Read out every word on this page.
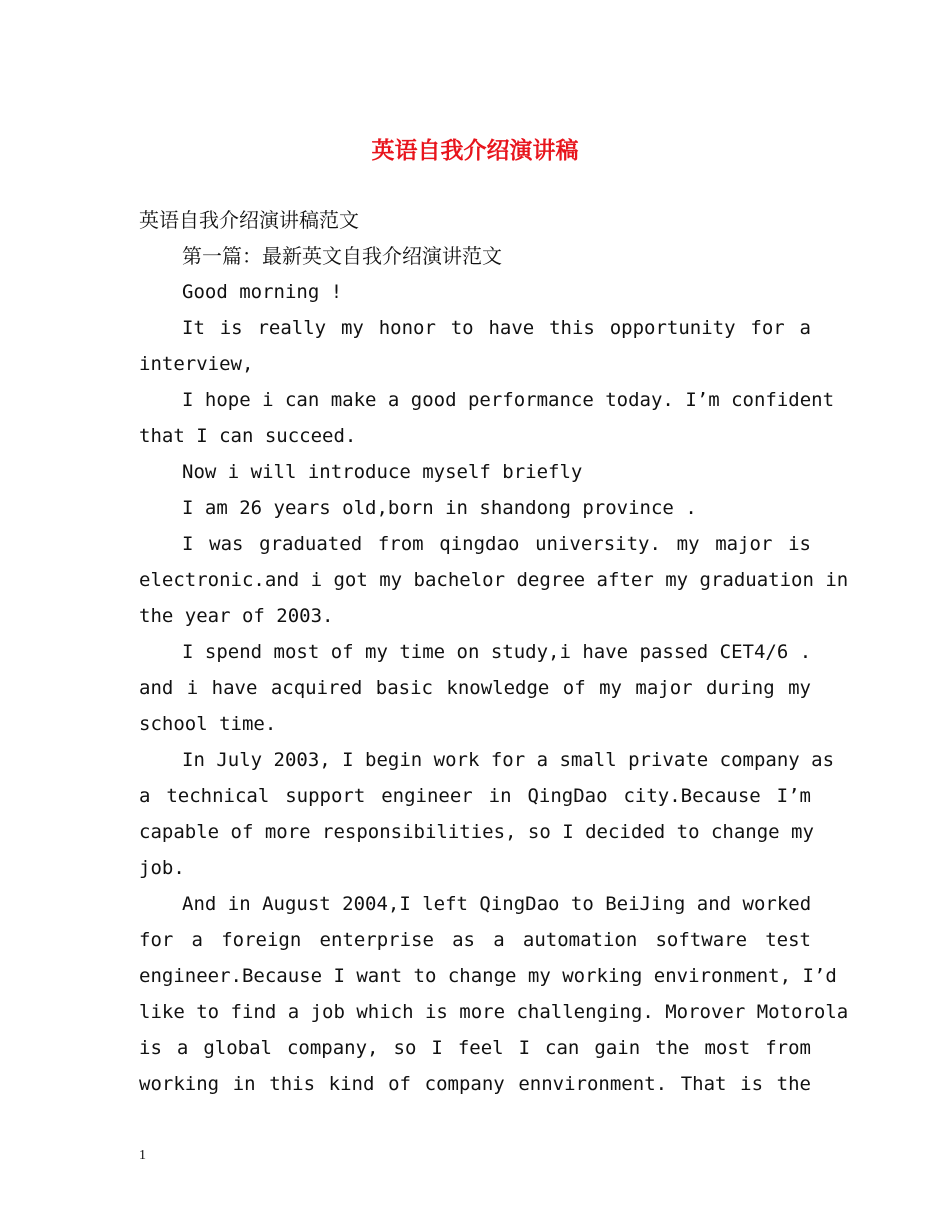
英语自我介绍演讲稿
英语自我介绍演讲稿范文
第一篇：最新英文自我介绍演讲范文
Good morning !
It is really my honor to have this opportunity for a
interview,
I hope i can make a good performance today. I’m confident
that I can succeed.
Now i will introduce myself briefly
I am 26 years old,born in shandong province .
I was graduated from qingdao university. my major is
electronic.and i got my bachelor degree after my graduation in
the year of 2003.
I spend most of my time on study,i have passed CET4/6 .
and i have acquired basic knowledge of my major during my
school time.
In July 2003, I begin work for a small private company as
a technical support engineer in QingDao city.Because I’m
capable of more responsibilities, so I decided to change my
job.
And in August 2004,I left QingDao to BeiJing and worked
for a foreign enterprise as a automation software test
engineer.Because I want to change my working environment, I’d
like to find a job which is more challenging. Morover Motorola
is a global company, so I feel I can gain the most from
working in this kind of company ennvironment. That is the
1
